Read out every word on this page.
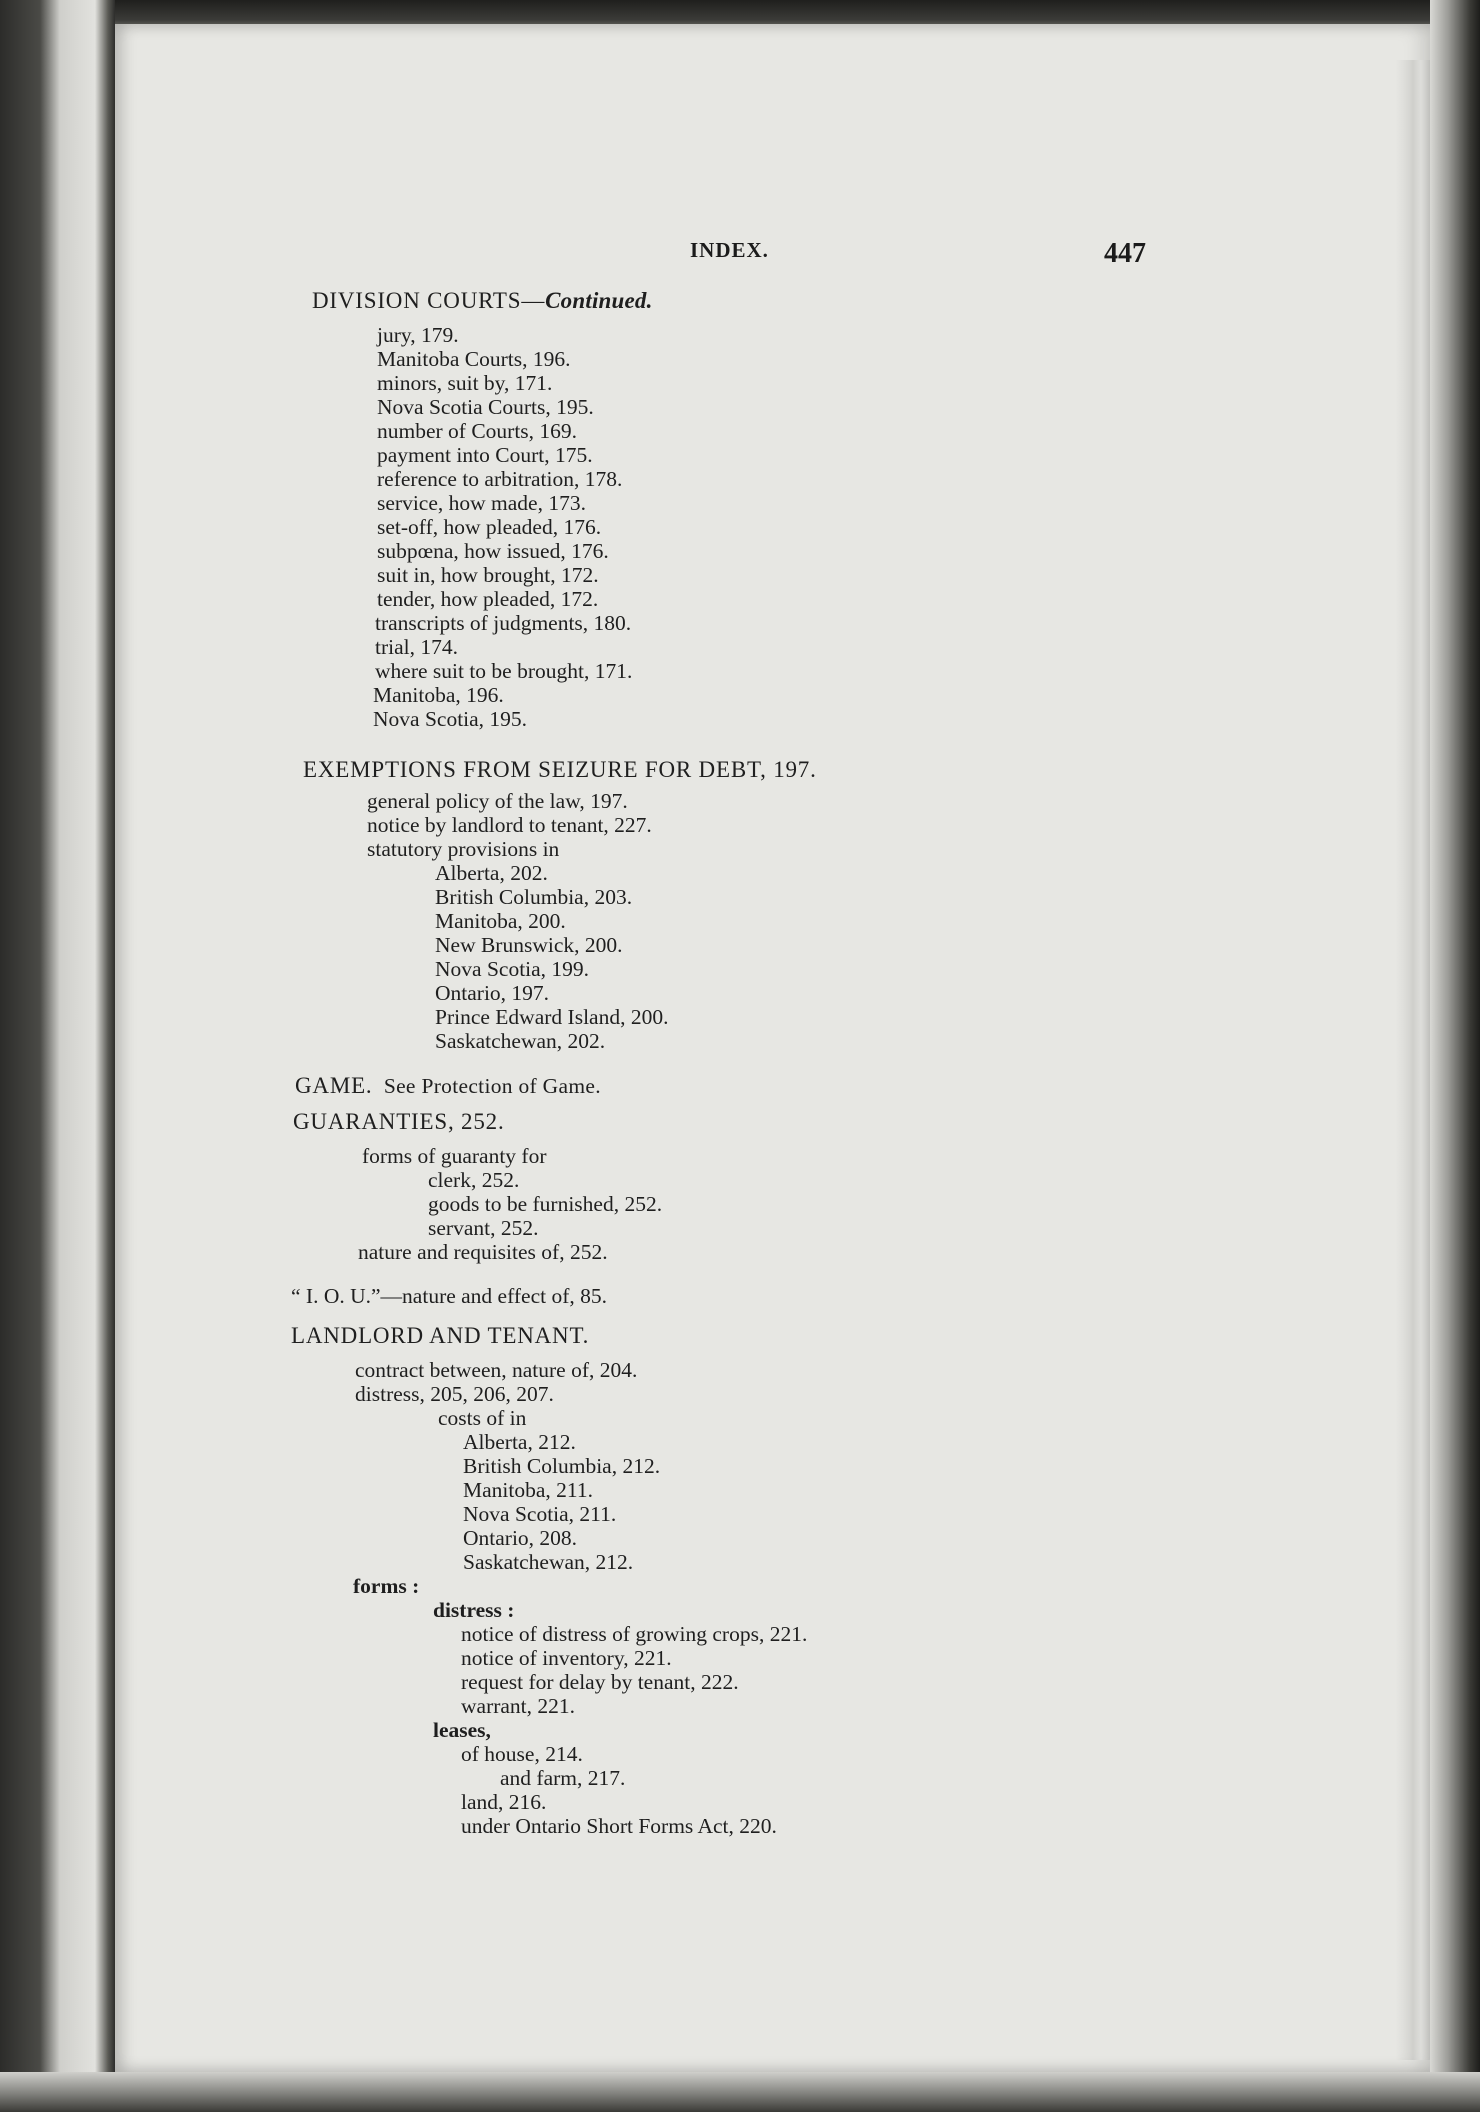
INDEX.	447
DIVISION COURTS—Continued.
jury, 179.
Manitoba Courts, 196.
minors, suit by, 171.
Nova Scotia Courts, 195.
number of Courts, 169.
payment into Court, 175.
reference to arbitration, 178.
service, how made, 173.
set-off, how pleaded, 176.
subpœna, how issued, 176.
suit in, how brought, 172.
tender, how pleaded, 172.
transcripts of judgments, 180.
trial, 174.
where suit to be brought, 171.
Manitoba, 196.
Nova Scotia, 195.
EXEMPTIONS FROM SEIZURE FOR DEBT, 197.
general policy of the law, 197.
notice by landlord to tenant, 227.
statutory provisions in
Alberta, 202.
British Columbia, 203.
Manitoba, 200.
New Brunswick, 200.
Nova Scotia, 199.
Ontario, 197.
Prince Edward Island, 200.
Saskatchewan, 202.
GAME.  See Protection of Game.
GUARANTIES, 252.
forms of guaranty for
clerk, 252.
goods to be furnished, 252.
servant, 252.
nature and requisites of, 252.
“ I. O. U.”—nature and effect of, 85.
LANDLORD AND TENANT.
contract between, nature of, 204.
distress, 205, 206, 207.
costs of in
Alberta, 212.
British Columbia, 212.
Manitoba, 211.
Nova Scotia, 211.
Ontario, 208.
Saskatchewan, 212.
forms :
distress :
notice of distress of growing crops, 221.
notice of inventory, 221.
request for delay by tenant, 222.
warrant, 221.
leases,
of house, 214.
and farm, 217.
land, 216.
under Ontario Short Forms Act, 220.
